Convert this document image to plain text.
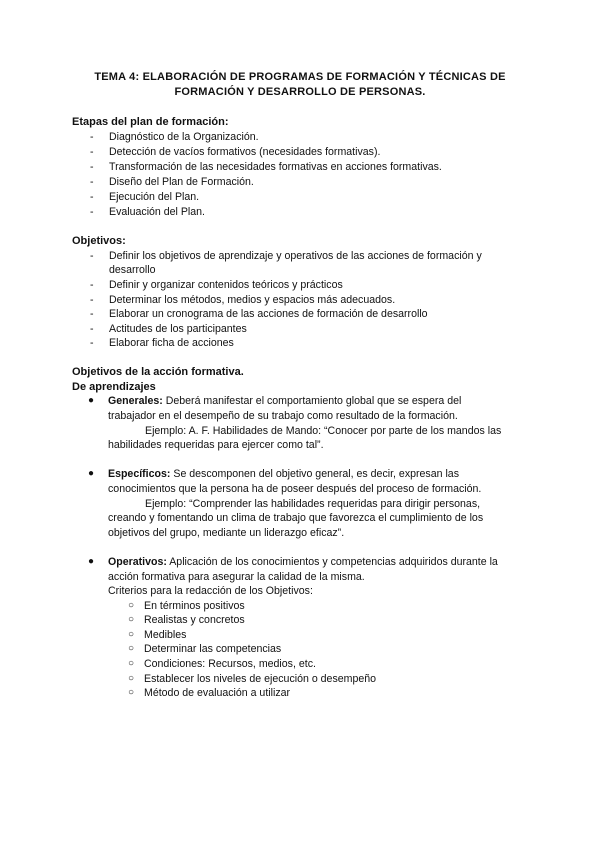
TEMA 4: ELABORACIÓN DE PROGRAMAS DE FORMACIÓN Y TÉCNICAS DE
FORMACIÓN Y DESARROLLO DE PERSONAS.
Etapas del plan de formación:
- Diagnóstico de la Organización.
- Detección de vacíos formativos (necesidades formativas).
- Transformación de las necesidades formativas en acciones formativas.
- Diseño del Plan de Formación.
- Ejecución del Plan.
- Evaluación del Plan.
Objetivos:
- Definir los objetivos de aprendizaje y operativos de las acciones de formación y desarrollo
- Definir y organizar contenidos teóricos y prácticos
- Determinar los métodos, medios y espacios más adecuados.
- Elaborar un cronograma de las acciones de formación de desarrollo
- Actitudes de los participantes
- Elaborar ficha de acciones
Objetivos de la acción formativa.
De aprendizajes
● Generales: Deberá manifestar el comportamiento global que se espera del
trabajador en el desempeño de su trabajo como resultado de la formación.
Ejemplo: A. F. Habilidades de Mando: “Conocer por parte de los mandos las
habilidades requeridas para ejercer como tal”.
● Específicos: Se descomponen del objetivo general, es decir, expresan las
conocimientos que la persona ha de poseer después del proceso de formación.
Ejemplo: “Comprender las habilidades requeridas para dirigir personas,
creando y fomentando un clima de trabajo que favorezca el cumplimiento de los
objetivos del grupo, mediante un liderazgo eficaz”.
● Operativos: Aplicación de los conocimientos y competencias adquiridos durante la
acción formativa para asegurar la calidad de la misma.
Criterios para la redacción de los Objetivos:
○ En términos positivos
○ Realistas y concretos
○ Medibles
○ Determinar las competencias
○ Condiciones: Recursos, medios, etc.
○ Establecer los niveles de ejecución o desempeño
○ Método de evaluación a utilizar
